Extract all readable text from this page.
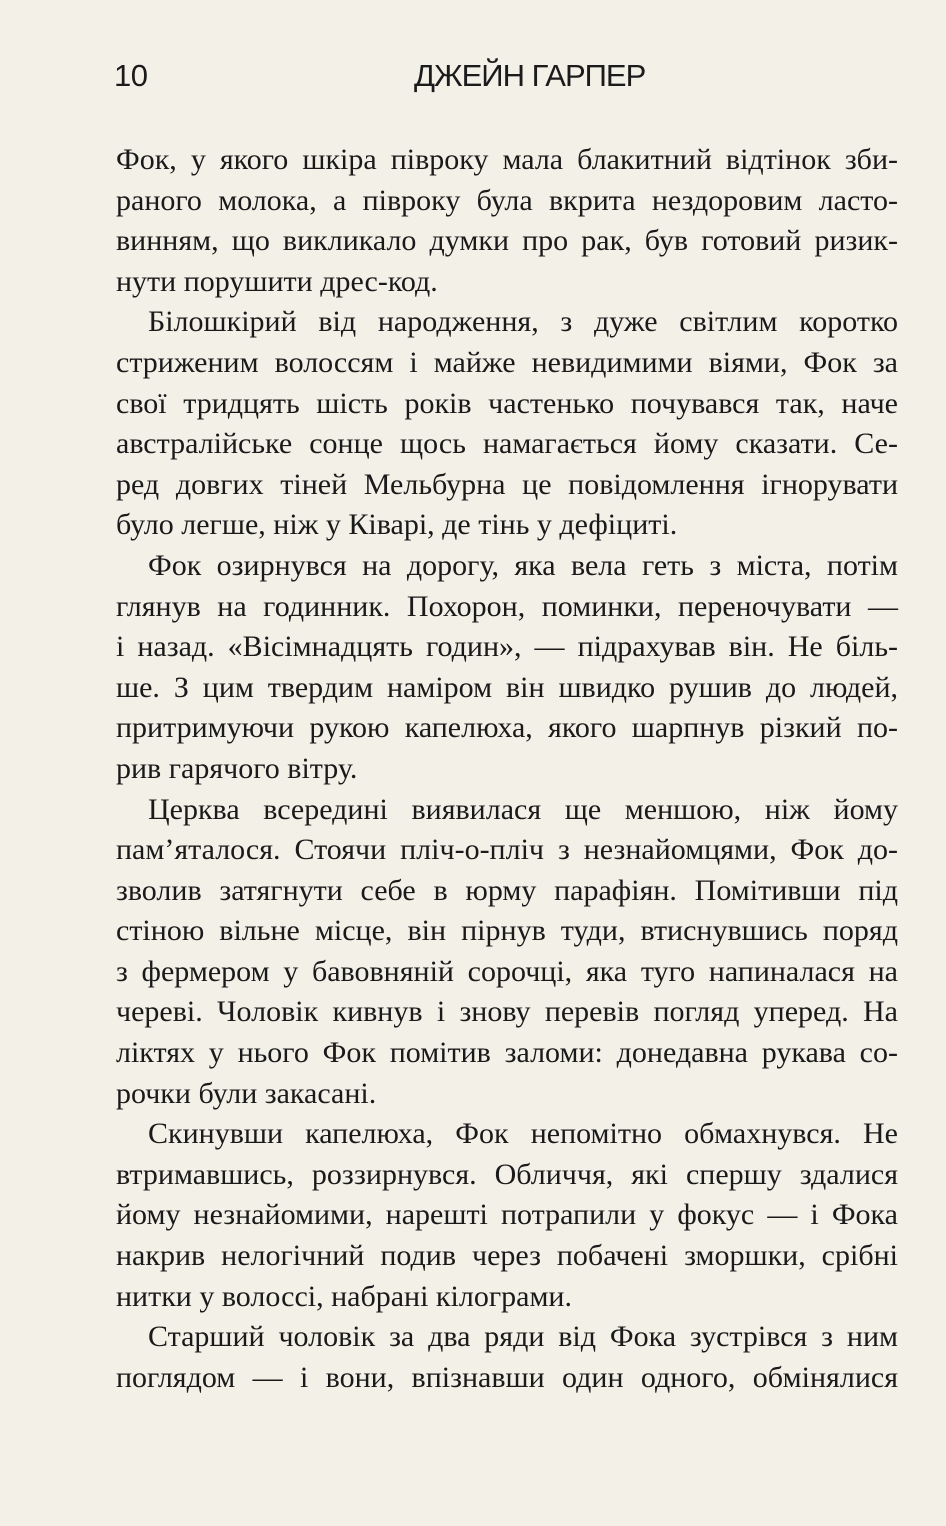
10	ДЖЕЙН ГАРПЕР
Фок, у якого шкіра півроку мала блакитний відтінок зби-
раного молока, а півроку була вкрита нездоровим ласто-
винням, що викликало думки про рак, був готовий ризик-
нути порушити дрес-код.
Білошкірий від народження, з дуже світлим коротко
стриженим волоссям і майже невидимими віями, Фок за
свої тридцять шість років частенько почувався так, наче
австралійське сонце щось намагається йому сказати. Се-
ред довгих тіней Мельбурна це повідомлення ігнорувати
було легше, ніж у Ківарі, де тінь у дефіциті.
Фок озирнувся на дорогу, яка вела геть з міста, потім
глянув на годинник. Похорон, поминки, переночувати —
і назад. «Вісімнадцять годин», — підрахував він. Не біль-
ше. З цим твердим наміром він швидко рушив до людей,
притримуючи рукою капелюха, якого шарпнув різкий по-
рив гарячого вітру.
Церква всередині виявилася ще меншою, ніж йому
пам’яталося. Стоячи пліч-о-пліч з незнайомцями, Фок до-
зволив затягнути себе в юрму парафіян. Помітивши під
стіною вільне місце, він пірнув туди, втиснувшись поряд
з фермером у бавовняній сорочці, яка туго напиналася на
череві. Чоловік кивнув і знову перевів погляд уперед. На
ліктях у нього Фок помітив заломи: донедавна рукава со-
рочки були закасані.
Скинувши капелюха, Фок непомітно обмахнувся. Не
втримавшись, роззирнувся. Обличчя, які спершу здалися
йому незнайомими, нарешті потрапили у фокус — і Фока
накрив нелогічний подив через побачені зморшки, срібні
нитки у волоссі, набрані кілограми.
Старший чоловік за два ряди від Фока зустрівся з ним
поглядом — і вони, впізнавши один одного, обмінялися
